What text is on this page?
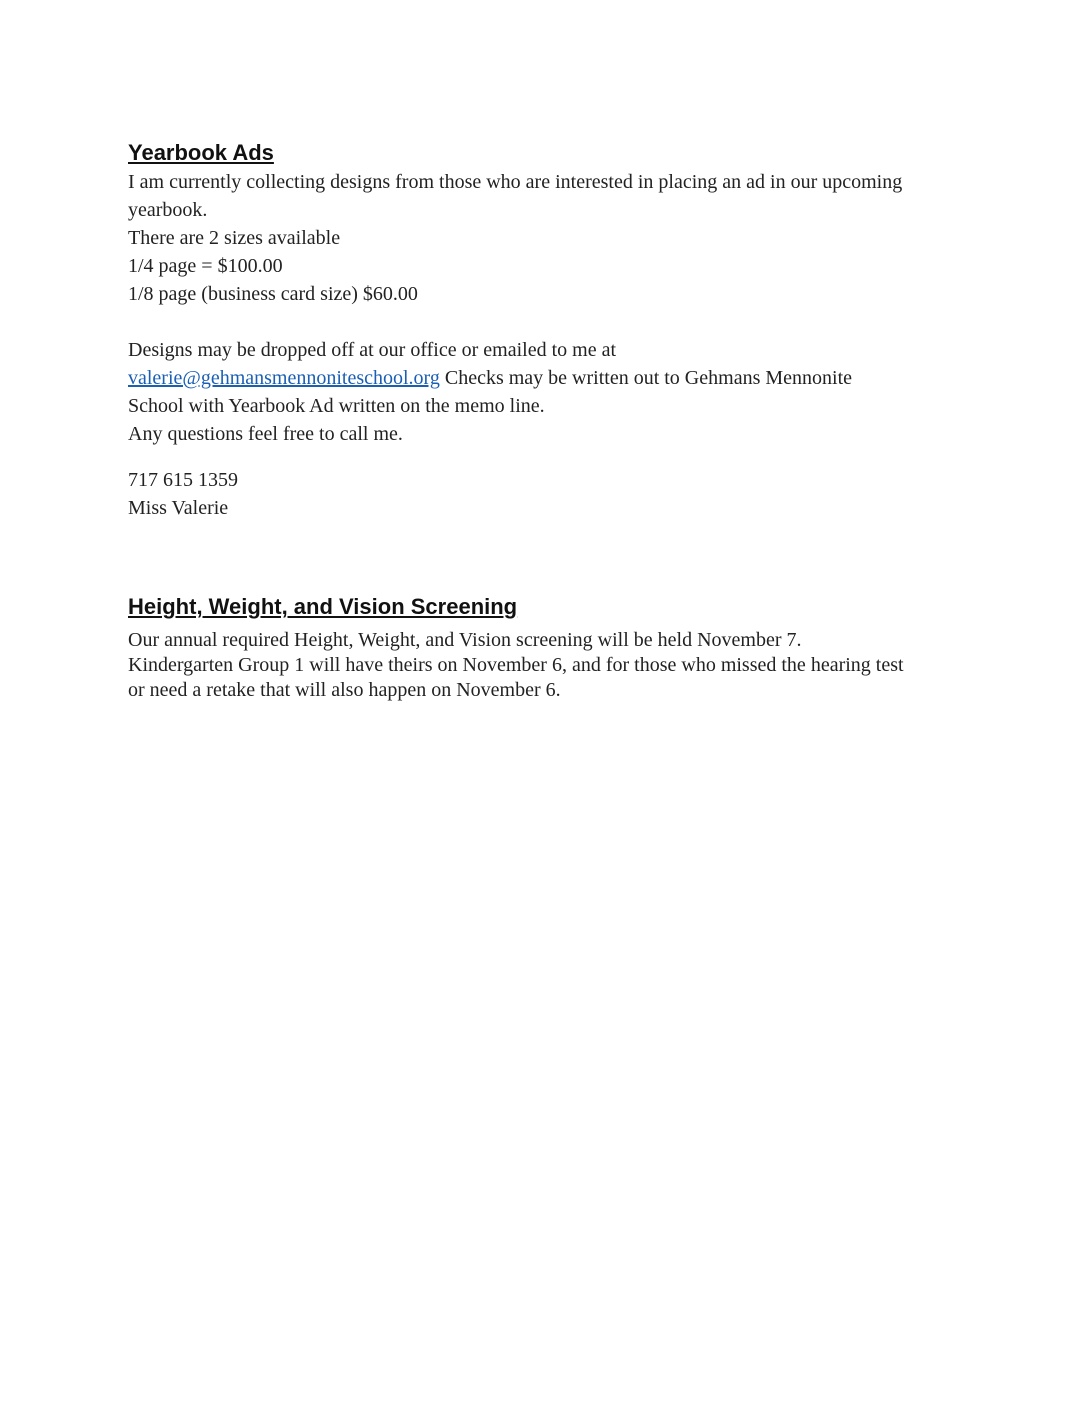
Yearbook Ads

I am currently collecting designs from those who are interested in placing an ad in our upcoming

yearbook.

There are 2 sizes available

1/4 page = $100.00

1/8 page (business card size) $60.00

Designs may be dropped off at our office or emailed to me at

valerie@gehmansmennoniteschool.org Checks may be written out to Gehmans Mennonite

School with Yearbook Ad written on the memo line.

Any questions feel free to call me.

717 615 1359

Miss Valerie

Height, Weight, and Vision Screening

Our annual required Height, Weight, and Vision screening will be held November 7.

Kindergarten Group 1 will have theirs on November 6, and for those who missed the hearing test

or need a retake that will also happen on November 6.
